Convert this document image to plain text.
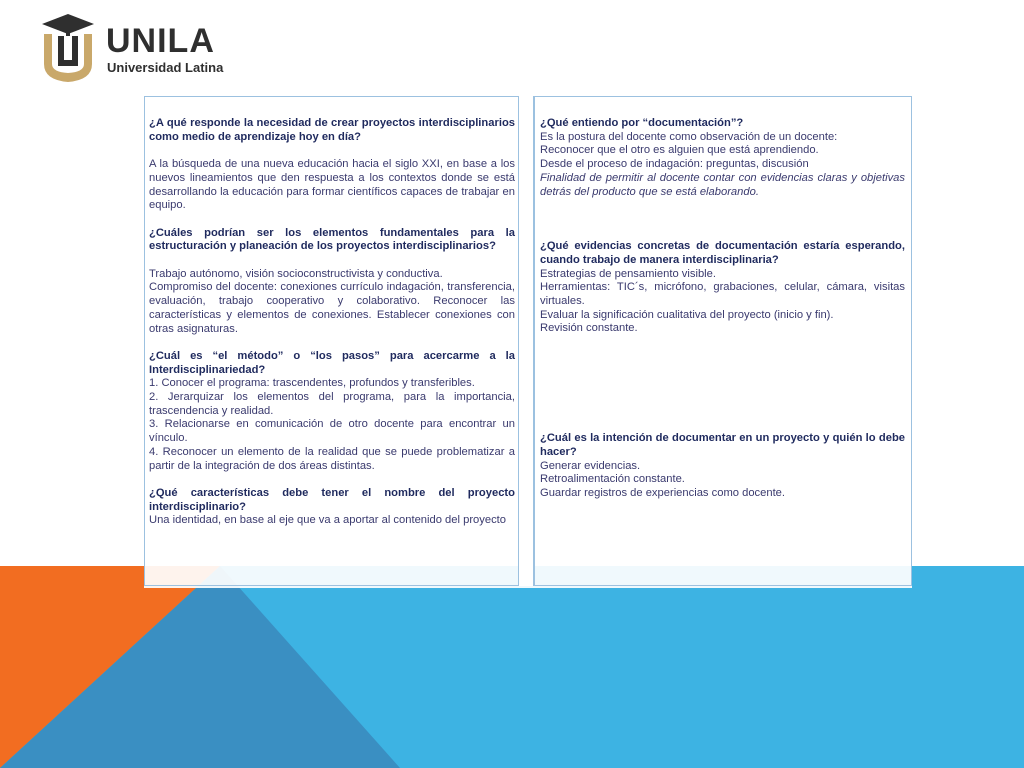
UNILA
Universidad Latina
¿A qué responde la necesidad de crear proyectos interdisciplinarios como medio de aprendizaje hoy en día?
A la búsqueda de una nueva educación hacia el siglo XXI, en base a los nuevos lineamientos que den respuesta a los contextos donde se está desarrollando la educación para formar científicos capaces de trabajar en equipo.
¿Cuáles podrían ser los elementos fundamentales para la estructuración y planeación de los proyectos interdisciplinarios?
Trabajo autónomo, visión socioconstructivista y conductiva.
Compromiso del docente: conexiones currículo indagación, transferencia, evaluación, trabajo cooperativo y colaborativo. Reconocer las características y elementos de conexiones. Establecer conexiones con otras asignaturas.
¿Cuál es “el método” o “los pasos” para acercarme a la Interdisciplinariedad?
1. Conocer el programa: trascendentes, profundos y transferibles.
2. Jerarquizar los elementos del programa, para la importancia, trascendencia y realidad.
3. Relacionarse en comunicación de otro docente para encontrar un vínculo.
4. Reconocer un elemento de la realidad que se puede problematizar a partir de la integración de dos áreas distintas.
¿Qué características debe tener el nombre del proyecto interdisciplinario?
Una identidad, en base al eje que va a aportar al contenido del proyecto
¿Qué entiendo por “documentación”?
Es la postura del docente como observación de un docente:
Reconocer que el otro es alguien que está aprendiendo.
Desde el proceso de indagación: preguntas, discusión
Finalidad de permitir al docente contar con evidencias claras y objetivas detrás del producto que se está elaborando.
¿Qué evidencias concretas de documentación estaría esperando, cuando trabajo de manera interdisciplinaria?
Estrategias de pensamiento visible.
Herramientas: TIC´s, micrófono, grabaciones, celular, cámara, visitas virtuales.
Evaluar la significación cualitativa del proyecto (inicio y fin).
Revisión constante.
¿Cuál es la intención de documentar en un proyecto y quién lo debe hacer?
Generar evidencias.
Retroalimentación constante.
Guardar registros de experiencias como docente.
